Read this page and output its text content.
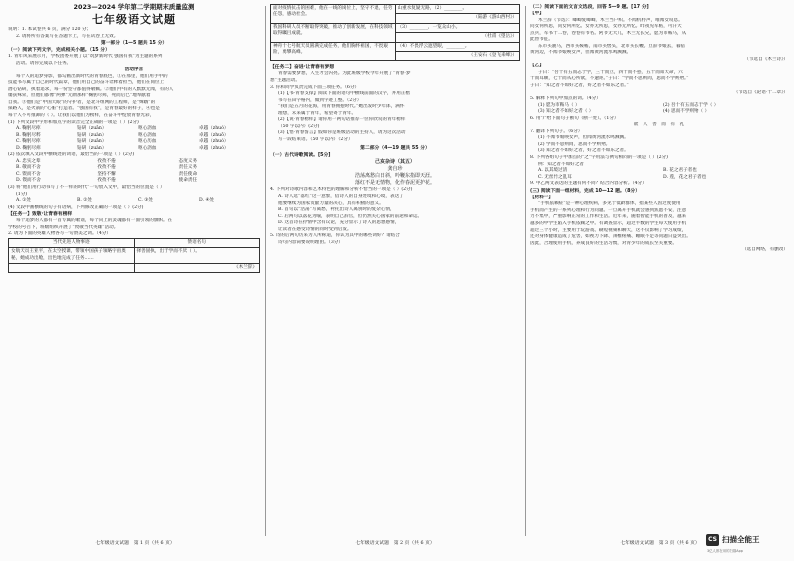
2023—2024 学年第二学期期末质量监测

七年级语文试题

说明：1. 本试卷共 6 页，满分 120 分；

2. 请将所有答案写在答题卡上，写在试卷上无效。

第一部分（1—5 题共 15 分）

（一）阅读下列文字，完成相关小题。（15 分）

1. 青年风采展示月，学校团委开展了以“筑梦新时代 强国有我”为主题的系列

活动。请你完成以下任务。

活动序言

每个人的追梦身影，都勾画出新时代的青春底色，①在那里，他们用手中的

技能书写属于自己的时代篇章，他们用自己的奋斗诠释着担当，他们在岗位上

潜心钻研，执着追求，每一份坚守都值得敬佩。②他们中有的人默默无闻，有的人

屡获殊荣，但他们都像“两弹”元勋那样“鞠躬尽瘁，死而后已”地奉献着

自我。③他们是“中国天眼”的守护者，是北斗组网的工程师，是“嫦娥”的

探路人，是火箭的“心脏”打造者。“强国有我”，是青春最好的样子，④也是

每个人不可推卸的（ ）。让我们以他们为榜样，在奋斗中绽放青春光彩，

(1) 下列文段中字形和加点字的读音完全正确的一项是（ ）(2分)

A. 鞠躬尽瘁	钻研（zuān）	呕心沥血	卓越（zhuó）
B. 鞠躬尽粹	钻研（zuàn）	呕心沥血	卓越（zhuō）
C. 鞠躬尽瘁	钻研（zuān）	呕心历血	卓越（zhuó）
D. 鞠躬尽瘁	钻研（zuàn）	呕心沥血	卓越（zhuó）

(2) 依次填入文段中横线处的词语，最恰当的一项是（ ）(2分)

A. 忠实之辈	孜孜不倦	态度义务
B. 敬而不舍	孜孜不倦	责任义务
C. 锲而不舍	坚持不懈	责任使命
D. 锲而不舍	孜孜不倦	使命责任

(3) 将“他们用行动书写了不一样的时代”一句放入文中，最恰当的位置是（ ）

(1分)

A. ①处	B. ②处	C. ③处	D. ④处

(4) 文段中画横线的句子有语病，下列修改正确的一项是（ ）(2分)

【任务一】致敬·让青春有榜样

每个追梦的人都有一首专属的歌谣，每个向上的灵魂都有一面引领的旗帜。在

学校的号召下，班级组织开展了“致敬当代英雄”活动。

2. 请为下面的英雄人物各写一句赞美之词。（4分）

当代先进人物事迹	赞语名句
女航天员王亚平，在太空授课，带领中国孩子领略宇宙奥秘，她成功出舱，出色地完成了任务……	择善固执，出于学而不厌（ ）。
	《木兰辞》

七年级语文试题　第 1 页（共 6 页）

面对疫情抗击的困难，他在一线的岗位上，坚守不退，任劳任怨，感动社会。	山重水复疑无路，（2）________。
	（陆游《游山西村》）
我国科研人员不断取得突破，推动了创新发展，在科技领域取得瞩目成就。	（3）________，一览众山小。
	（杜甫《望岳》）
神舟十七号航天员圆满完成任务，他们胸怀祖国，不畏艰险，勇攀高峰。	（4）不畏浮云遮望眼，________。
	（王安石《登飞来峰》）

【任务二】奋进·让青春有梦想

青春需要梦想，人生才会闪亮。为此班级学校今年开展了“青春·梦

想”主题活动。

3. 你和同学负责完成下面三项任务。（6分）

(1)【书·青春支撑】阅读下面的语句中横线前面的汉字，并用正楷

书写在田字格内，做到字迹工整。（2分）

“我们是五月的花海，用青春拥抱时代。”她出发时少年郎，满怀

理想，未来属于青年，希望寄于青年。

(2)【说·青春榜样】请你用一两句话推荐一位你欣赏的青年榜样

（50 字以内）(2分)

(3)【悟·青春誓言】假如你是班级活动的主持人，请为这次活动

写一段结束语。（50 字以内）（2分）

第二部分（4—19 题共 55 分）

（一）古代诗歌阅读。[5分]

己亥杂诗（其五）

龚自珍

浩荡离愁白日斜，吟鞭东指即天涯。

落红不是无情物，化作春泥更护花。

4. 下列对诗歌内容和艺术特色的理解和分析不恰当的一项是（ ）(2分)

A. 诗人选“落红”这一意象，借诗人的自身处境和心境，表达了

他要继续为国家贡献力量的决心，具有积极的意义。

B. 首句以“浩荡”写离愁，衬托出诗人离别时的复杂心情，

C. 后两句以落花为喻，表明自己辞官，但仍然关心国家的前途和命运。

D. 这首诗在抒情中含有议论，充分显示了诗人的思想感情，

让读者在感受诗情的同时受到启发。

5. 诗的后两句历来为人所称道，你认为其中的哪些词好？请结合

诗句内容简要说明理由。（3分）

七年级语文试题　第 2 页（共 6 页）

（二）阅读下面的文言文选段，回答 5—9 题。[17 分]

【甲】

木兰辞（节选）：唧唧复唧唧，木兰当户织。不闻机杼声，唯闻女叹息。

问女何所思，问女何所忆。女亦无所思，女亦无所忆。昨夜见军帖，可汗大

点兵，军书十二卷，卷卷有爷名。阿爷无大儿，木兰无长兄，愿为市鞍马，从

此替爷征。

东市买骏马，西市买鞍鞯，南市买辔头，北市买长鞭。旦辞爷娘去，暮宿

黄河边，不闻爷娘唤女声，但闻黄河流水鸣溅溅。

（节选自《木兰诗》）

【乙】

子曰：“吾十有五而志于学，三十而立，四十而不惑，五十而知天命，六

十而耳顺，七十而从心所欲，不逾矩。”子曰：“学而不思则罔，思而不学则殆。”

子曰：“知之者不如好之者，好之者不如乐之者。”

（节选自《论语·十二章》）

5. 解释下列句中加点的词。（4分）

(1) 愿为市鞍马（ ）	(2) 吾十有五而志于学（ ）
(3) 知之者不如好之者（ ）	(4) 思而不学则殆（ ）

6. 用“/”给下面句子断句（断一处）。（1分）

欲　人　善　而　有　礼

7. 翻译下列句子。（6分）

(1) 不闻爷娘唤女声，但闻黄河流水鸣溅溅。

(2) 学而不思则罔，思而不学则殆。

(3) 知之者不如好之者，好之者不如乐之者。

8. 下列各组句子中加点的“之”字用法与例句相同的一项是（ ）(2分)

例：知之者不如好之者

A. 以其境过清	B. 花之君子者也
C. 无丝竹之乱耳	D. 莲，花之君子者也

9. 甲乙两文表达的主题有何不同？结合内容分析。（4分）

(三) 阅读下面一组材料，完成 10—12 题。（8分）

【材料一】

“手机依赖症”是一种心理疾病，多见于低龄群体，指某些人因过度使用

手机而产生的一系列心理和行为问题。一旦离开手机就会感到焦虑不安，注意

力不集中，严重影响正常的工作和生活。近年来，随着智能手机的普及，越来

越多的中学生陷入手机依赖之中。有调查显示，超过半数的学生每天使用手机

超过三个小时，主要用于玩游戏、刷短视频和聊天，这不仅影响了学习成绩，

还对身体健康造成了危害，如视力下降、颈椎疼痛、睡眠不足等问题日益突出。

因此，合理使用手机，养成良好的生活习惯，对青少年的成长至关重要。

（选自网络，有删改）

七年级语文试题　第 3 页（共 6 页）

CS 扫描全能王
3亿人都在用的扫描App
